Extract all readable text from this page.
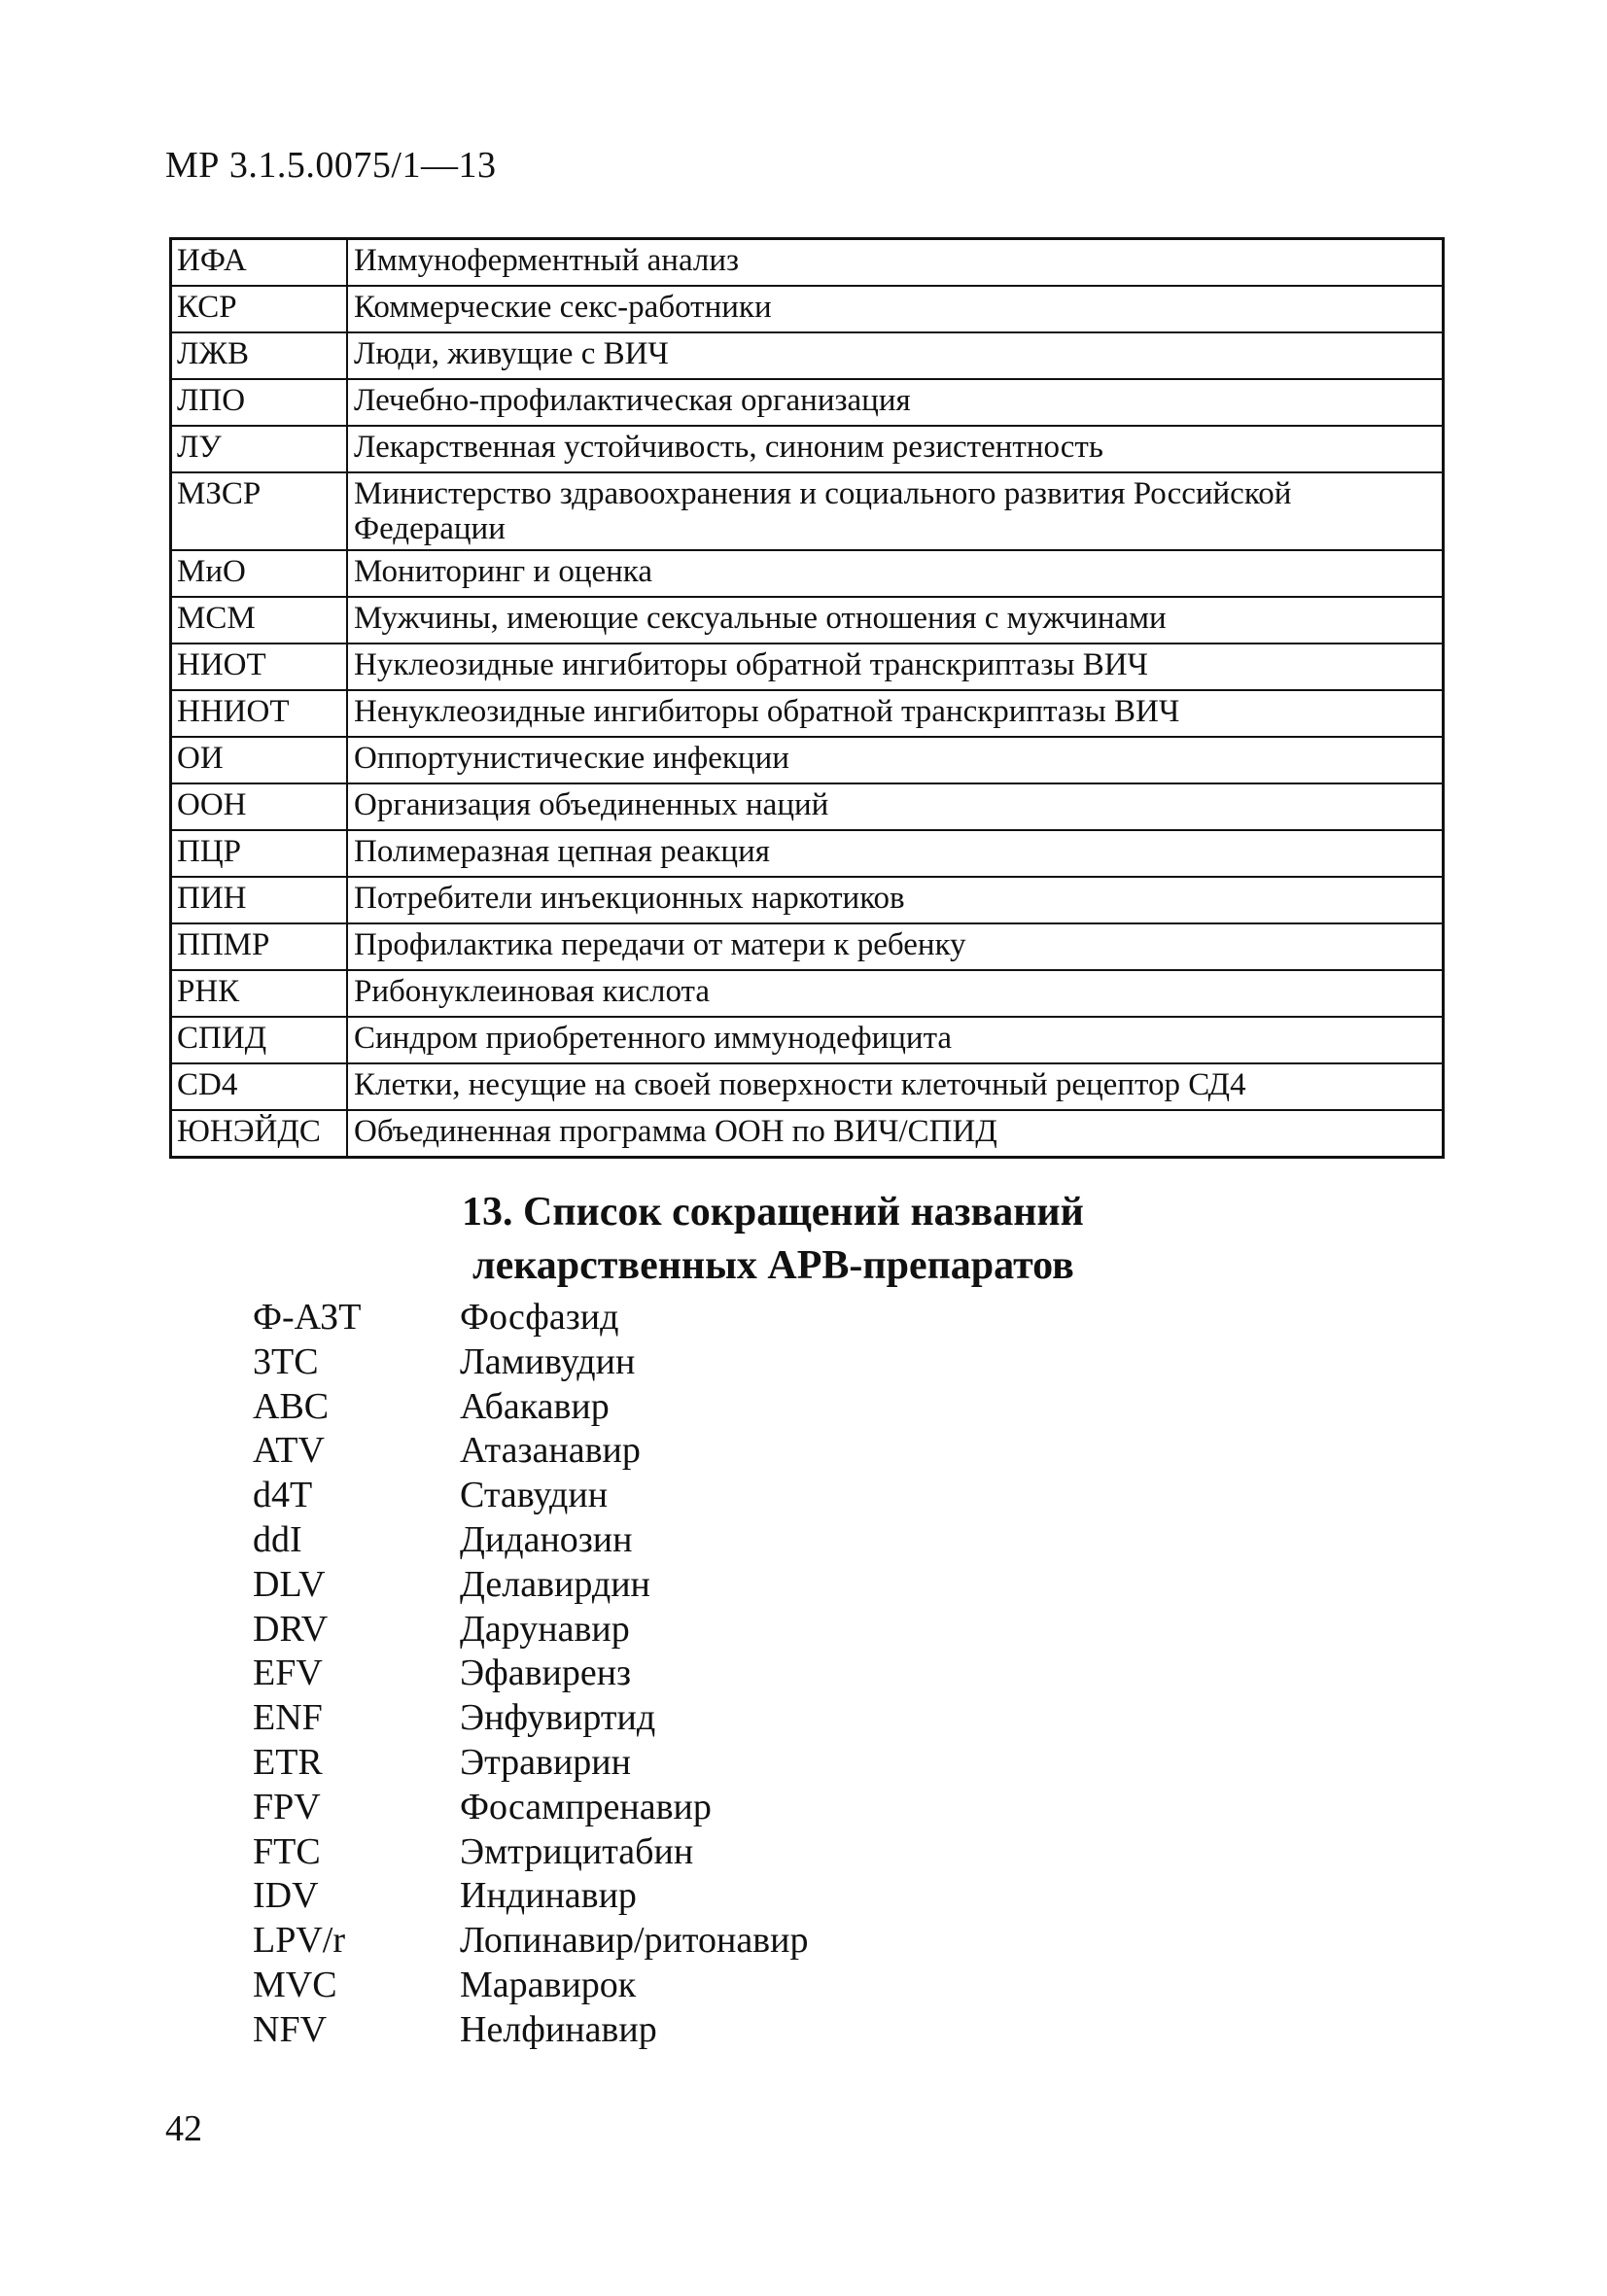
МР 3.1.5.0075/1—13
ИФА	Иммуноферментный анализ
КСР	Коммерческие секс-работники
ЛЖВ	Люди, живущие с ВИЧ
ЛПО	Лечебно-профилактическая организация
ЛУ	Лекарственная устойчивость, синоним резистентность
МЗСР	Министерство здравоохранения и социального развития Российской Федерации
МиО	Мониторинг и оценка
МСМ	Мужчины, имеющие сексуальные отношения с мужчинами
НИОТ	Нуклеозидные ингибиторы обратной транскриптазы ВИЧ
ННИОТ	Ненуклеозидные ингибиторы обратной транскриптазы ВИЧ
ОИ	Оппортунистические инфекции
ООН	Организация объединенных наций
ПЦР	Полимеразная цепная реакция
ПИН	Потребители инъекционных наркотиков
ППМР	Профилактика передачи от матери к ребенку
РНК	Рибонуклеиновая кислота
СПИД	Синдром приобретенного иммунодефицита
CD4	Клетки, несущие на своей поверхности клеточный рецептор СД4
ЮНЭЙДС	Объединенная программа ООН по ВИЧ/СПИД
13. Список сокращений названий
лекарственных АРВ-препаратов
Ф-АЗТ	Фосфазид
3TC	Ламивудин
ABC	Абакавир
ATV	Атазанавир
d4T	Ставудин
ddI	Диданозин
DLV	Делавирдин
DRV	Дарунавир
EFV	Эфавиренз
ENF	Энфувиртид
ETR	Этравирин
FPV	Фосампренавир
FTC	Эмтрицитабин
IDV	Индинавир
LPV/r	Лопинавир/ритонавир
MVC	Маравирок
NFV	Нелфинавир
42
